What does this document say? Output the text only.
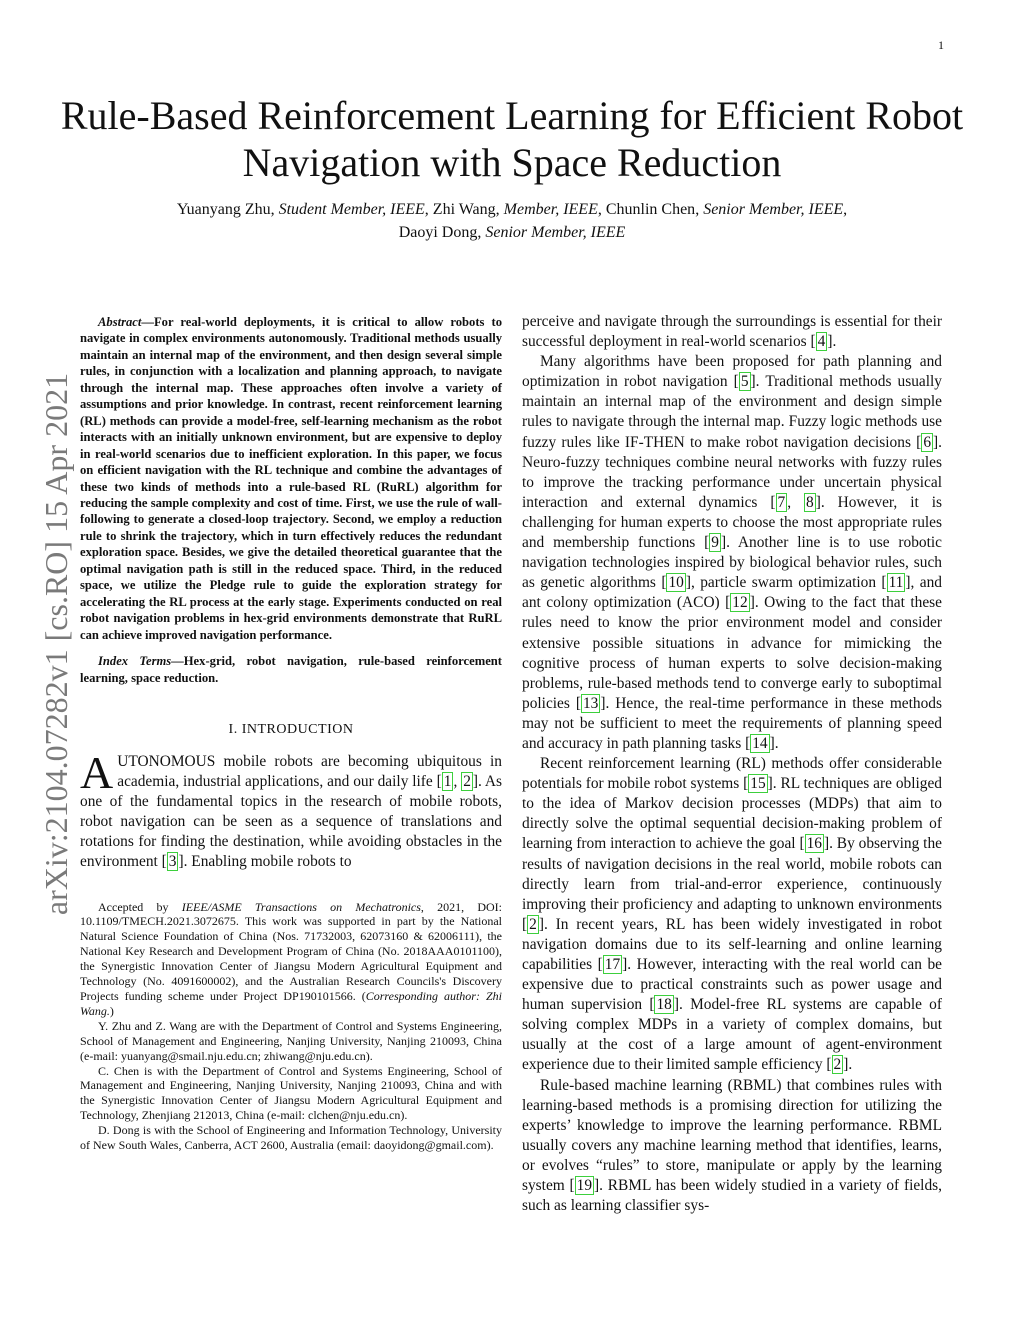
1
arXiv:2104.07282v1 [cs.RO] 15 Apr 2021
Rule-Based Reinforcement Learning for Efficient Robot Navigation with Space Reduction
Yuanyang Zhu, Student Member, IEEE, Zhi Wang, Member, IEEE, Chunlin Chen, Senior Member, IEEE,
Daoyi Dong, Senior Member, IEEE

Abstract—For real-world deployments, it is critical to allow robots to navigate in complex environments autonomously. Traditional methods usually maintain an internal map of the environment, and then design several simple rules, in conjunction with a localization and planning approach, to navigate through the internal map. These approaches often involve a variety of assumptions and prior knowledge. In contrast, recent reinforcement learning (RL) methods can provide a model-free, self-learning mechanism as the robot interacts with an initially unknown environment, but are expensive to deploy in real-world scenarios due to inefficient exploration. In this paper, we focus on efficient navigation with the RL technique and combine the advantages of these two kinds of methods into a rule-based RL (RuRL) algorithm for reducing the sample complexity and cost of time. First, we use the rule of wall-following to generate a closed-loop trajectory. Second, we employ a reduction rule to shrink the trajectory, which in turn effectively reduces the redundant exploration space. Besides, we give the detailed theoretical guarantee that the optimal navigation path is still in the reduced space. Third, in the reduced space, we utilize the Pledge rule to guide the exploration strategy for accelerating the RL process at the early stage. Experiments conducted on real robot navigation problems in hex-grid environments demonstrate that RuRL can achieve improved navigation performance.

Index Terms—Hex-grid, robot navigation, rule-based reinforcement learning, space reduction.

I. INTRODUCTION

AUTONOMOUS mobile robots are becoming ubiquitous in academia, industrial applications, and our daily life [ 1 , 2 ]. As one of the fundamental topics in the research of mobile robots, robot navigation can be seen as a sequence of translations and rotations for finding the destination, while avoiding obstacles in the environment [ 3 ]. Enabling mobile robots to

Accepted by IEEE/ASME Transactions on Mechatronics, 2021, DOI: 10.1109/TMECH.2021.3072675. This work was supported in part by the National Natural Science Foundation of China (Nos. 71732003, 62073160 & 62006111), the National Key Research and Development Program of China (No. 2018AAA0101100), the Synergistic Innovation Center of Jiangsu Modern Agricultural Equipment and Technology (No. 4091600002), and the Australian Research Councils's Discovery Projects funding scheme under Project DP190101566. (Corresponding author: Zhi Wang.)

Y. Zhu and Z. Wang are with the Department of Control and Systems Engineering, School of Management and Engineering, Nanjing University, Nanjing 210093, China (e-mail: yuanyang@smail.nju.edu.cn; zhiwang@nju.edu.cn).

C. Chen is with the Department of Control and Systems Engineering, School of Management and Engineering, Nanjing University, Nanjing 210093, China and with the Synergistic Innovation Center of Jiangsu Modern Agricultural Equipment and Technology, Zhenjiang 212013, China (e-mail: clchen@nju.edu.cn).

D. Dong is with the School of Engineering and Information Technology, University of New South Wales, Canberra, ACT 2600, Australia (email: daoyidong@gmail.com).

perceive and navigate through the surroundings is essential for their successful deployment in real-world scenarios [ 4 ].

Many algorithms have been proposed for path planning and optimization in robot navigation [ 5 ]. Traditional methods usually maintain an internal map of the environment and design simple rules to navigate through the internal map. Fuzzy logic methods use fuzzy rules like IF-THEN to make robot navigation decisions [ 6 ]. Neuro-fuzzy techniques combine neural networks with fuzzy rules to improve the tracking performance under uncertain physical interaction and external dynamics [ 7 , 8 ]. However, it is challenging for human experts to choose the most appropriate rules and membership functions [ 9 ]. Another line is to use robotic navigation technologies inspired by biological behavior rules, such as genetic algorithms [ 10 ], particle swarm optimization [ 11 ], and ant colony optimization (ACO) [ 12 ]. Owing to the fact that these rules need to know the prior environment model and consider extensive possible situations in advance for mimicking the cognitive process of human experts to solve decision-making problems, rule-based methods tend to converge early to suboptimal policies [ 13 ]. Hence, the real-time performance in these methods may not be sufficient to meet the requirements of planning speed and accuracy in path planning tasks [ 14 ].

Recent reinforcement learning (RL) methods offer considerable potentials for mobile robot systems [ 15 ]. RL techniques are obliged to the idea of Markov decision processes (MDPs) that aim to directly solve the optimal sequential decision-making problem of learning from interaction to achieve the goal [ 16 ]. By observing the results of navigation decisions in the real world, mobile robots can directly learn from trial-and-error experience, continuously improving their proficiency and adapting to unknown environments [ 2 ]. In recent years, RL has been widely investigated in robot navigation domains due to its self-learning and online learning capabilities [ 17 ]. However, interacting with the real world can be expensive due to practical constraints such as power usage and human supervision [ 18 ]. Model-free RL systems are capable of solving complex MDPs in a variety of complex domains, but usually at the cost of a large amount of agent-environment experience due to their limited sample efficiency [ 2 ].

Rule-based machine learning (RBML) that combines rules with learning-based methods is a promising direction for utilizing the experts’ knowledge to improve the learning performance. RBML usually covers any machine learning method that identifies, learns, or evolves “rules” to store, manipulate or apply by the learning system [ 19 ]. RBML has been widely studied in a variety of fields, such as learning classifier sys-
